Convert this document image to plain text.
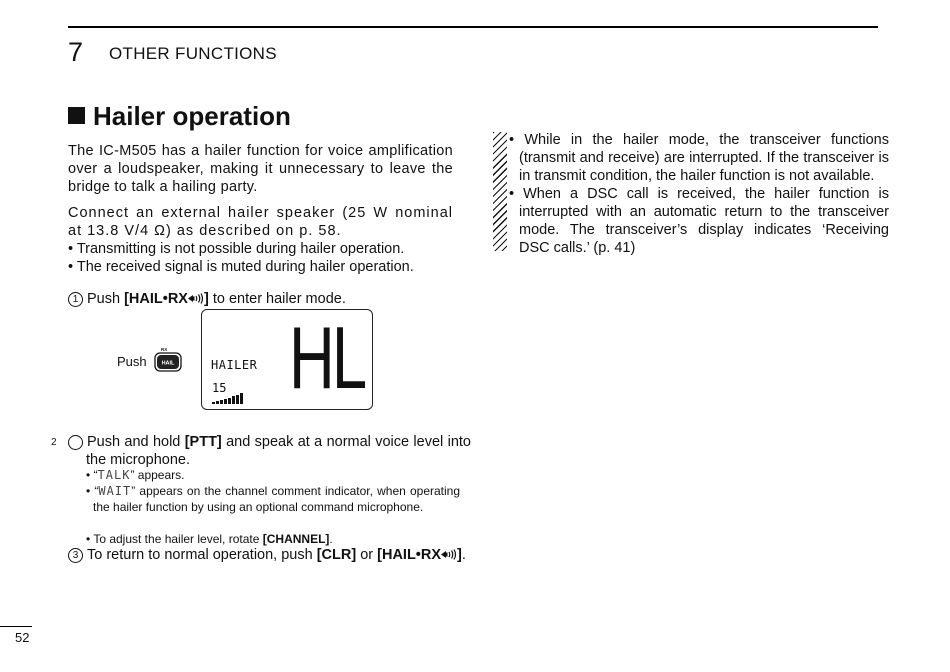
7 OTHER FUNCTIONS
Hailer operation
The IC-M505 has a hailer function for voice amplification over a loudspeaker, making it unnecessary to leave the bridge to talk a hailing party.
Connect an external hailer speaker (25 W nominal at 13.8 V/4 Ω) as described on p. 58.
• Transmitting is not possible during hailer operation.
• The received signal is muted during hailer operation.
1 Push [HAIL•RX ] to enter hailer mode.
Push
RX
HAIL	HAILER
15 HL
2 Push and hold [PTT] and speak at a normal voice level into the microphone.
• “TALK” appears.
• “WAIT” appears on the channel comment indicator, when operating the hailer function by using an optional command microphone.
• To adjust the hailer level, rotate [CHANNEL].
3 To return to normal operation, push [CLR] or [HAIL•RX ].
• While in the hailer mode, the transceiver functions (transmit and receive) are interrupted. If the transceiver is in transmit condition, the hailer function is not available.
• When a DSC call is received, the hailer function is interrupted with an automatic return to the transceiver mode. The transceiver’s display indicates ‘Receiving DSC calls.’ (p. 41)
52
